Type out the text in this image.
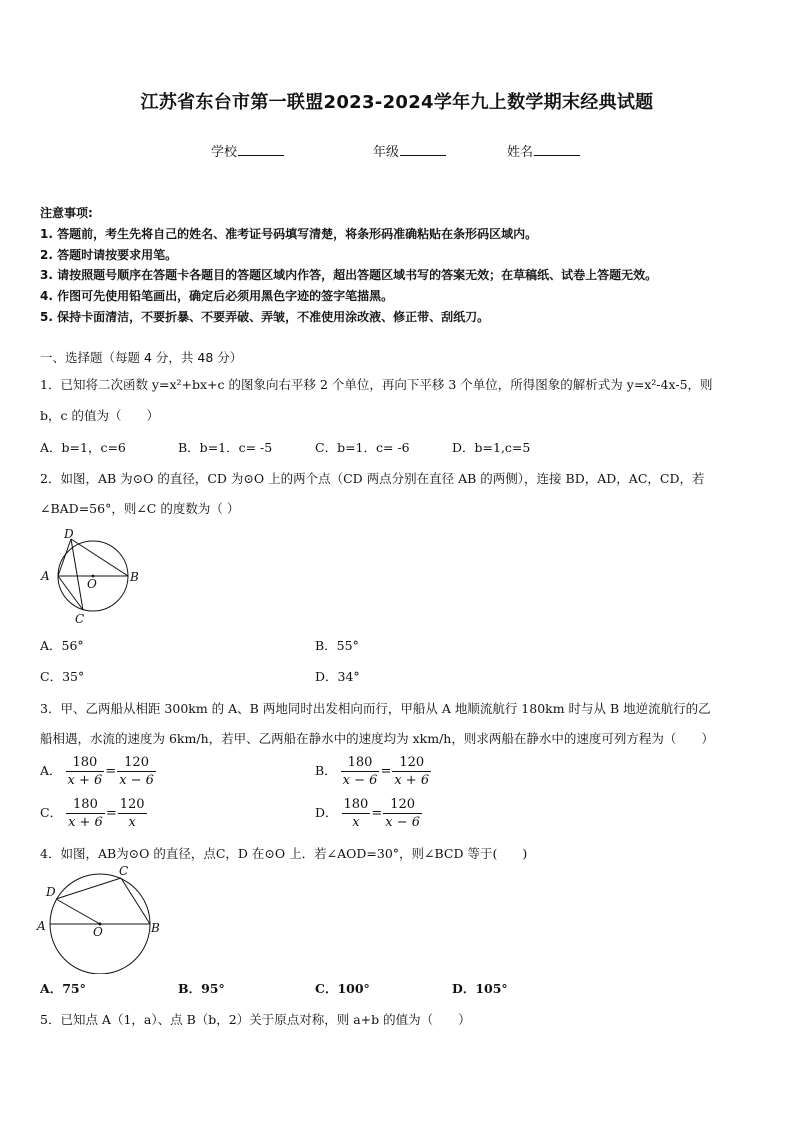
江苏省东台市第一联盟2023-2024学年九上数学期末经典试题
学校	年级	姓名
注意事项:
1. 答题前，考生先将自己的姓名、准考证号码填写清楚，将条形码准确粘贴在条形码区域内。
2. 答题时请按要求用笔。
3. 请按照题号顺序在答题卡各题目的答题区域内作答，超出答题区域书写的答案无效；在草稿纸、试卷上答题无效。
4. 作图可先使用铅笔画出，确定后必须用黑色字迹的签字笔描黑。
5. 保持卡面清洁，不要折暴、不要弄破、弄皱，不准使用涂改液、修正带、刮纸刀。
一、选择题（每题 4 分，共 48 分）
1．已知将二次函数 y=x²+bx+c 的图象向右平移 2 个单位，再向下平移 3 个单位，所得图象的解析式为 y=x²-4x-5，则
b，c 的值为（　　）
A．b=1，c=6	B．b=1．c= -5	C．b=1．c= -6	D．b=1,c=5
2．如图，AB 为⊙O 的直径，CD 为⊙O 上的两个点（CD 两点分别在直径 AB 的两侧），连接 BD，AD，AC，CD，若
∠BAD=56°，则∠C 的度数为（ ）
D
A
O	B
C
A．56°	B．55°
C．35°	D．34°
3．甲、乙两船从相距 300km 的 A、B 两地同时出发相向而行，甲船从 A 地顺流航行 180km 时与从 B 地逆流航行的乙
船相遇，水流的速度为 6km/h，若甲、乙两船在静水中的速度均为 xkm/h，则求两船在静水中的速度可列方程为（　　）
A． $\frac{180}{x + 6} = \frac{120}{x - 6}$	B． $\frac{180}{x - 6} = \frac{120}{x + 6}$
C． $\frac{180}{x + 6} = \frac{120}{x}$	D． $\frac{180}{x} = \frac{120}{x - 6}$
4．如图，AB为⊙O 的直径，点C，D 在⊙O 上．若∠AOD=30°，则∠BCD 等于(　　)
C
D
A	O	B
A．75°	B．95°	C．100°	D．105°
5．已知点 A（1，a）、点 B（b，2）关于原点对称，则 a+b 的值为（　　）
